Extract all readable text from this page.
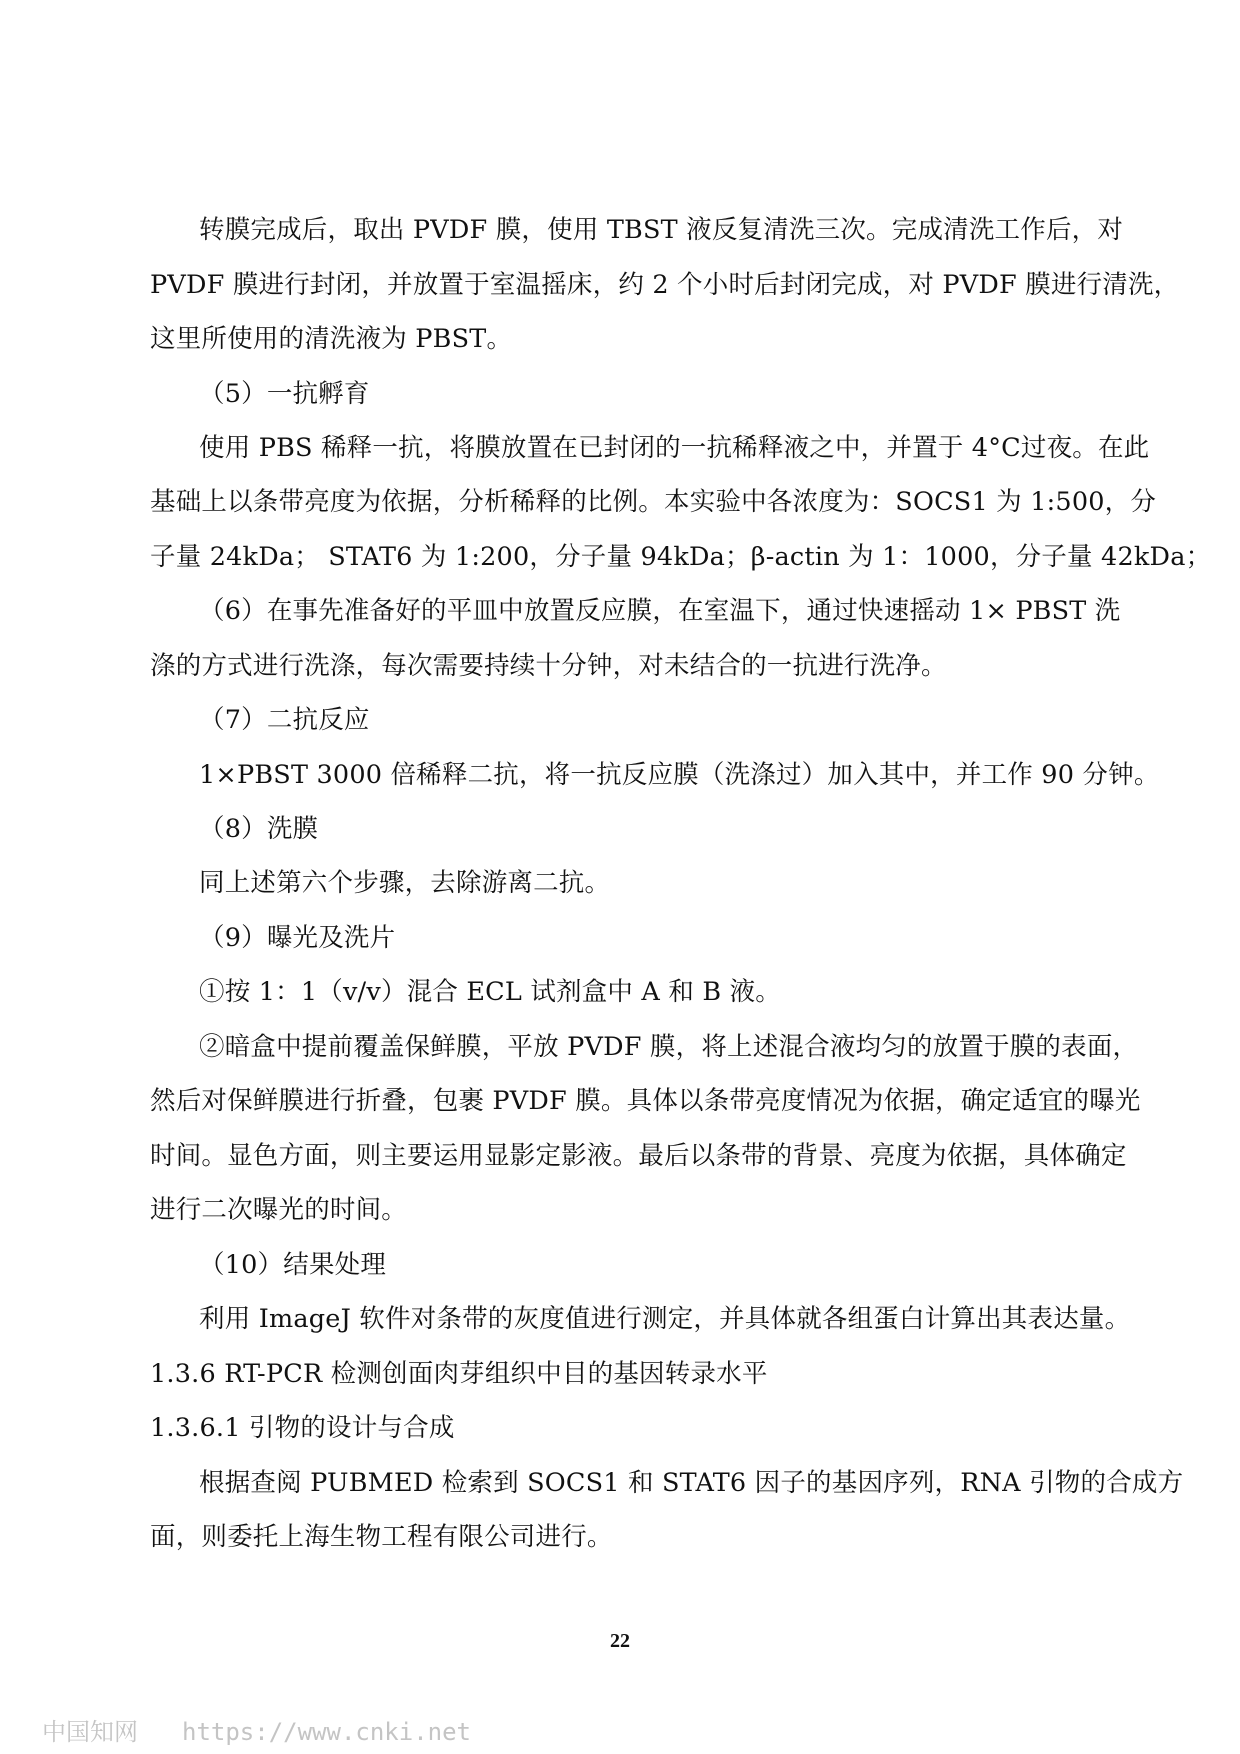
转膜完成后，取出 PVDF 膜，使用 TBST 液反复清洗三次。完成清洗工作后，对
PVDF 膜进行封闭，并放置于室温摇床，约 2 个小时后封闭完成，对 PVDF 膜进行清洗，
这里所使用的清洗液为 PBST。
（5）一抗孵育
使用 PBS 稀释一抗，将膜放置在已封闭的一抗稀释液之中，并置于 4°C过夜。在此
基础上以条带亮度为依据，分析稀释的比例。本实验中各浓度为：SOCS1 为 1:500，分
子量 24kDa； STAT6 为 1:200，分子量 94kDa；β-actin 为 1：1000，分子量 42kDa；
（6）在事先准备好的平皿中放置反应膜，在室温下，通过快速摇动 1× PBST 洗
涤的方式进行洗涤，每次需要持续十分钟，对未结合的一抗进行洗净。
（7）二抗反应
1×PBST 3000 倍稀释二抗，将一抗反应膜（洗涤过）加入其中，并工作 90 分钟。
（8）洗膜
同上述第六个步骤，去除游离二抗。
（9）曝光及洗片
①按 1：1（v/v）混合 ECL 试剂盒中 A 和 B 液。
②暗盒中提前覆盖保鲜膜，平放 PVDF 膜，将上述混合液均匀的放置于膜的表面，
然后对保鲜膜进行折叠，包裹 PVDF 膜。具体以条带亮度情况为依据，确定适宜的曝光
时间。显色方面，则主要运用显影定影液。最后以条带的背景、亮度为依据，具体确定
进行二次曝光的时间。
（10）结果处理
利用 ImageJ 软件对条带的灰度值进行测定，并具体就各组蛋白计算出其表达量。
1.3.6 RT-PCR 检测创面肉芽组织中目的基因转录水平
1.3.6.1 引物的设计与合成
根据查阅 PUBMED 检索到 SOCS1 和 STAT6 因子的基因序列，RNA 引物的合成方
面，则委托上海生物工程有限公司进行。
22
中国知网 https://www.cnki.net
